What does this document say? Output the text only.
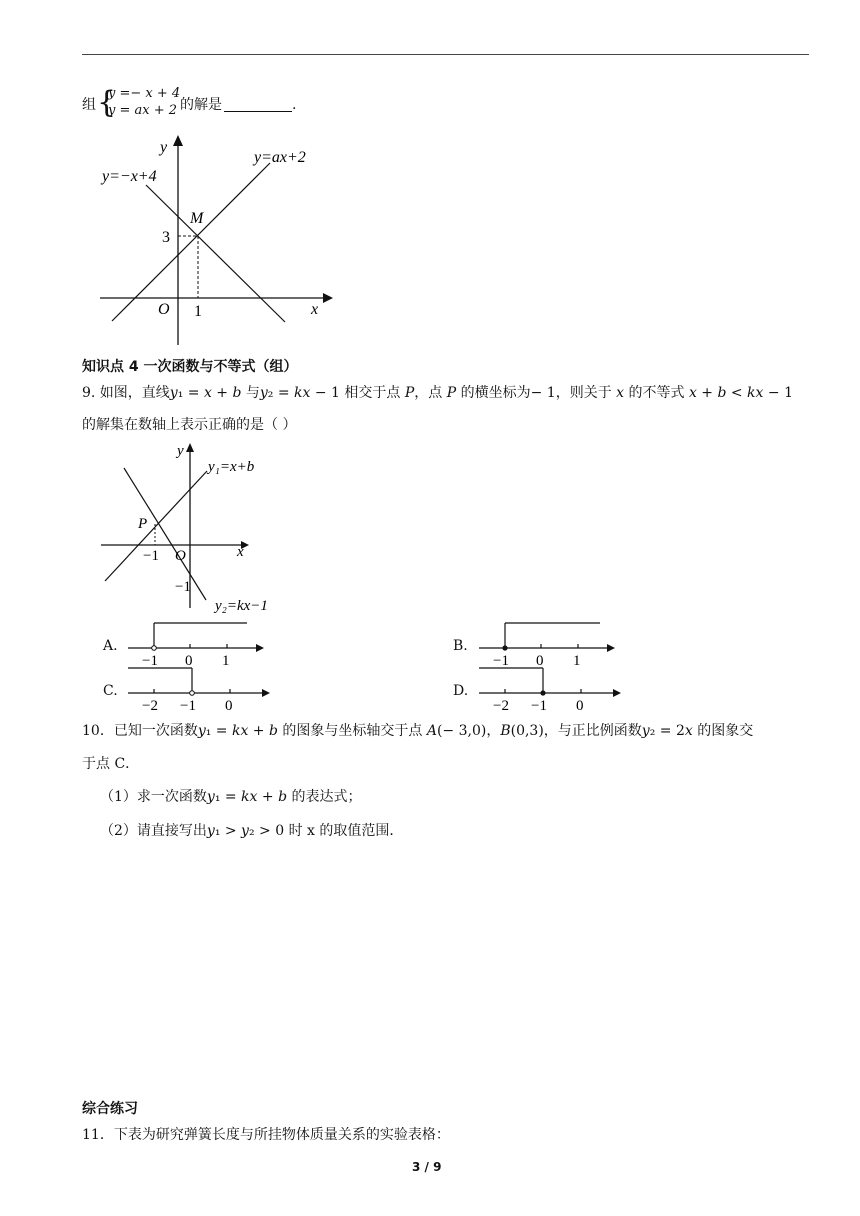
组 {
y =− x + 4
y = ax + 2 的解是	.
y
x
O
y=−x+4
y=ax+2
M
3
1
知识点 4 一次函数与不等式（组）
9. 如图，直线𝑦₁ = 𝑥 + 𝑏 与𝑦₂ = 𝑘𝑥 − 1 相交于点 𝑃，点 𝑃 的横坐标为− 1，则关于 𝑥 的不等式 𝑥 + 𝑏 < 𝑘𝑥 − 1
的解集在数轴上表示正确的是（ ）
y
x
O
y₁=x+b
y₂=kx−1
P
−1
−1
A.
−1 0 1
B.
−1 0 1
C.
−2 −1 0
D.
−2 −1 0
10．已知一次函数𝑦₁ = 𝑘𝑥 + 𝑏 的图象与坐标轴交于点 𝐴(− 3,0)，𝐵(0,3)，与正比例函数𝑦₂ = 2𝑥 的图象交
于点 C．
（1）求一次函数𝑦₁ = 𝑘𝑥 + 𝑏 的表达式；
（2）请直接写出𝑦₁ > 𝑦₂ > 0 时 x 的取值范围．
综合练习
11．下表为研究弹簧长度与所挂物体质量关系的实验表格：
3 / 9
